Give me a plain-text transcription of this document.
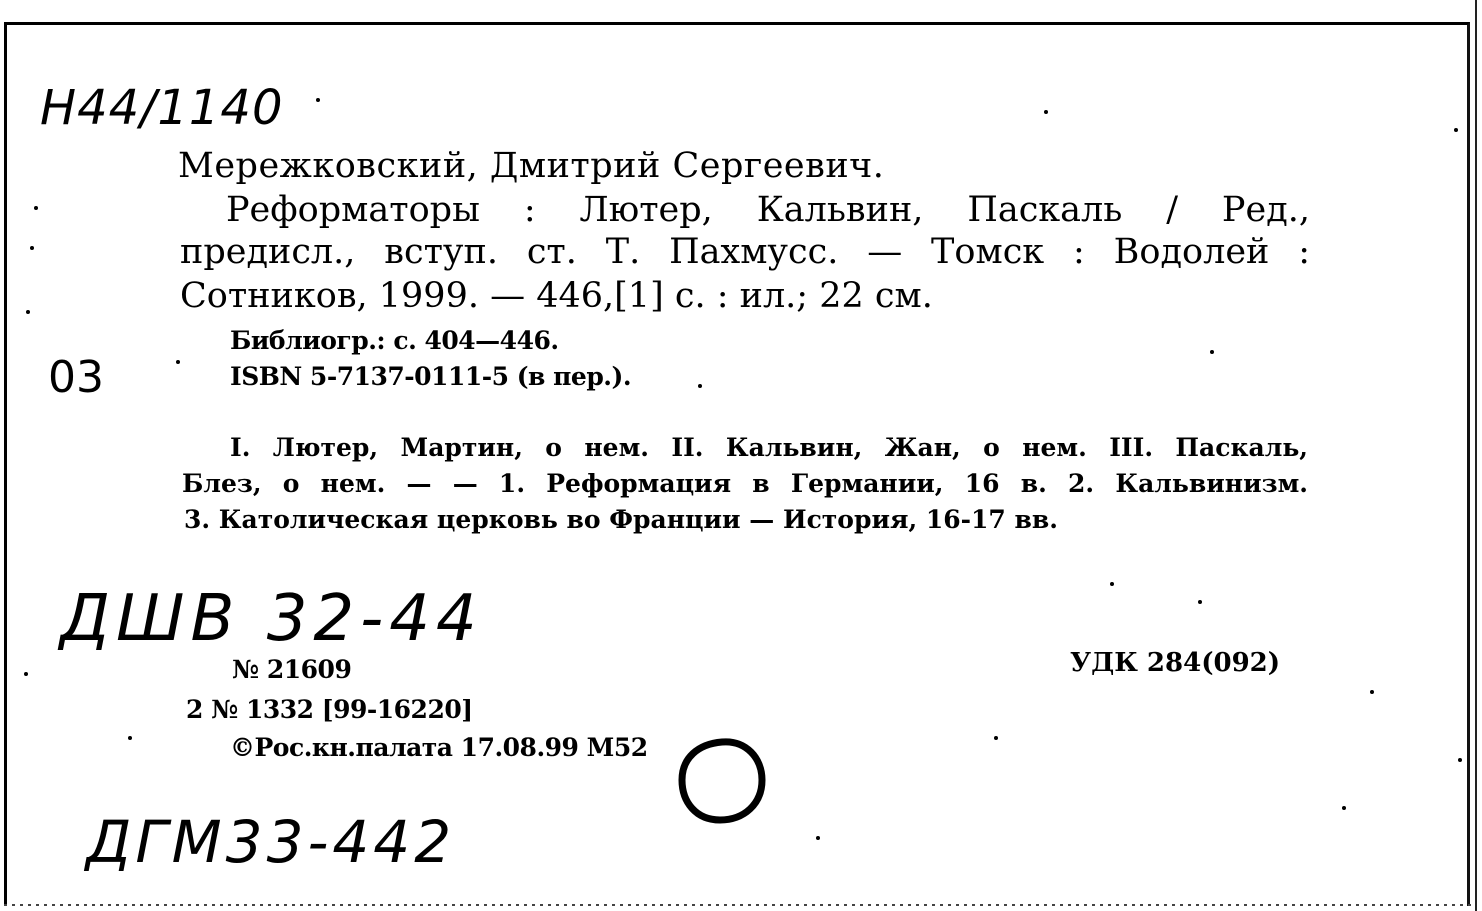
Н44/1140
03
Мережковский, Дмитрий Сергеевич.
Реформаторы : Лютер, Кальвин, Паскаль / Ред.,
предисл., вступ. ст. Т. Пахмусс. — Томск : Водолей :
Сотников, 1999. — 446,[1] с. : ил.; 22 см.
Библиогр.: с. 404—446.
ISBN 5-7137-0111-5 (в пер.).
I. Лютер, Мартин, о нем. II. Кальвин, Жан, о нем. III. Паскаль,
Блез, о нем. — — 1. Реформация в Германии, 16 в. 2. Кальвинизм.
3. Католическая церковь во Франции — История, 16-17 вв.
ДШВ 32-44
№ 21609
2 № 1332 [99-16220]
©Рос.кн.палата 17.08.99 М52
УДК 284(092)
ДГМ33-442
